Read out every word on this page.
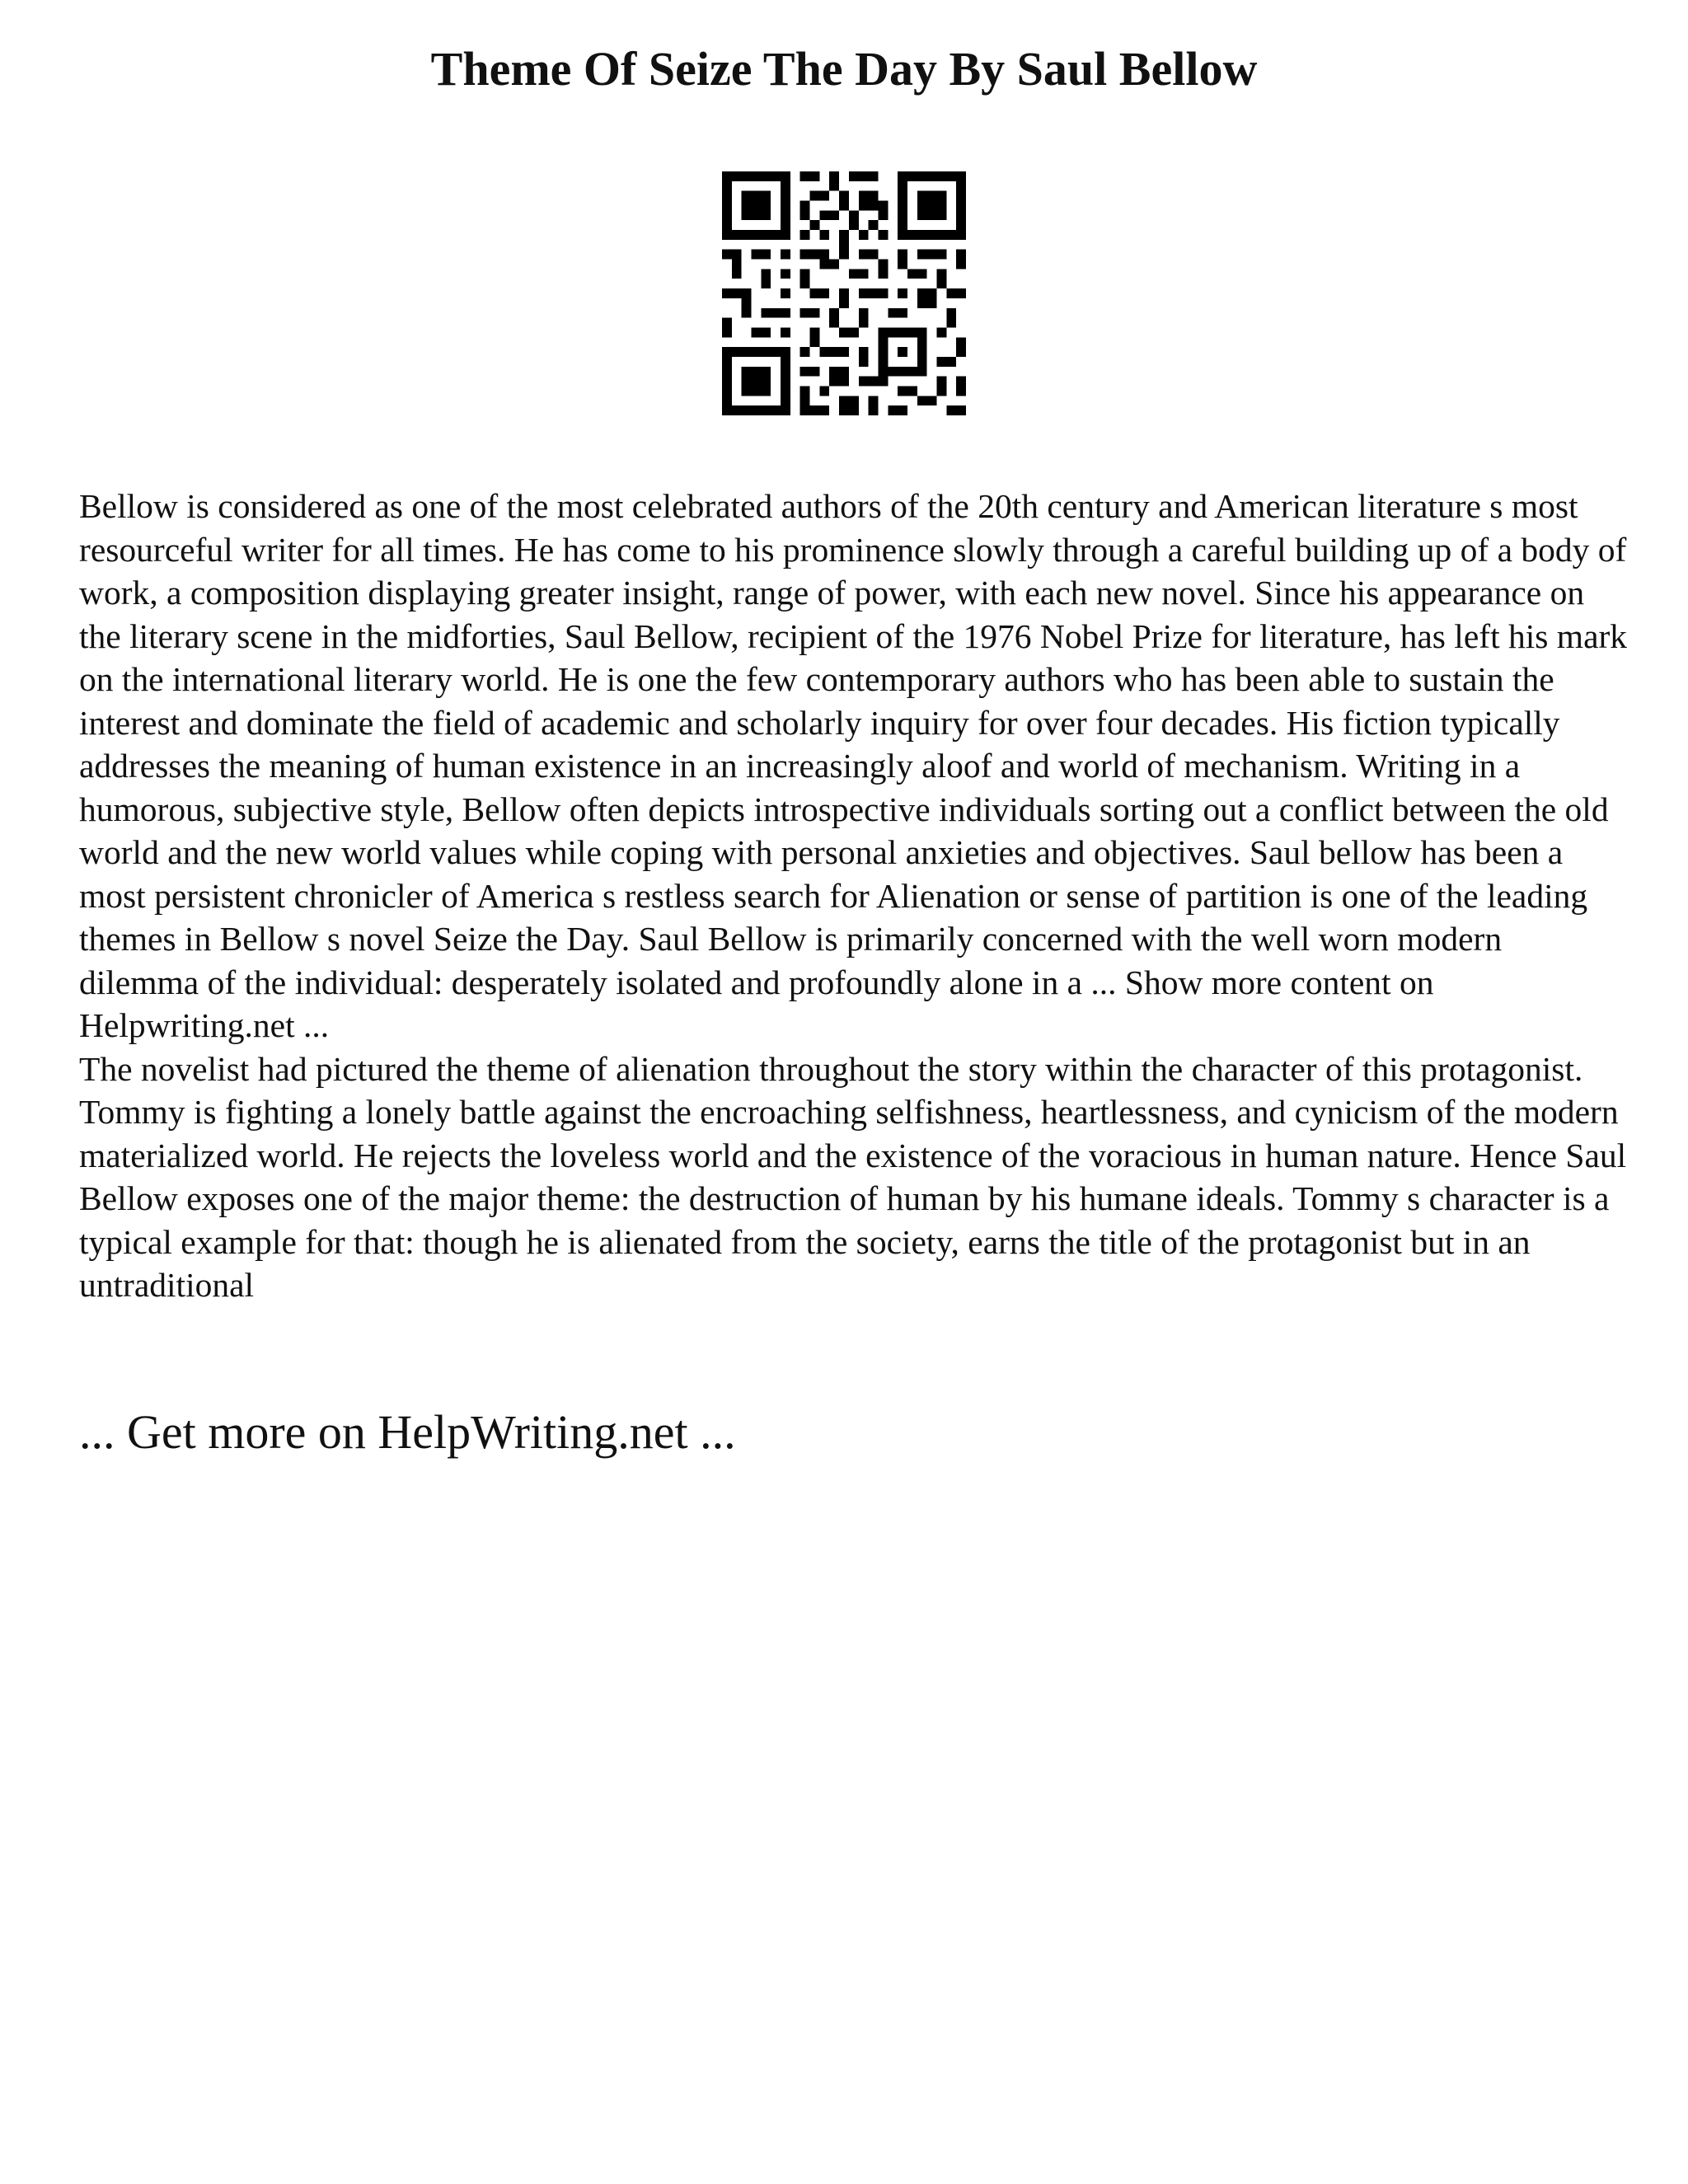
Theme Of Seize The Day By Saul Bellow

Bellow is considered as one of the most celebrated authors of the 20th century and American literature s most resourceful writer for all times. He has come to his prominence slowly through a careful building up of a body of work, a composition displaying greater insight, range of power, with each new novel. Since his appearance on the literary scene in the midforties, Saul Bellow, recipient of the 1976 Nobel Prize for literature, has left his mark on the international literary world. He is one the few contemporary authors who has been able to sustain the interest and dominate the field of academic and scholarly inquiry for over four decades. His fiction typically addresses the meaning of human existence in an increasingly aloof and world of mechanism. Writing in a humorous, subjective style, Bellow often depicts introspective individuals sorting out a conflict between the old world and the new world values while coping with personal anxieties and objectives. Saul bellow has been a most persistent chronicler of America s restless search for Alienation or sense of partition is one of the leading themes in Bellow s novel Seize the Day. Saul Bellow is primarily concerned with the well worn modern dilemma of the individual: desperately isolated and profoundly alone in a ... Show more content on Helpwriting.net ...

The novelist had pictured the theme of alienation throughout the story within the character of this protagonist. Tommy is fighting a lonely battle against the encroaching selfishness, heartlessness, and cynicism of the modern materialized world. He rejects the loveless world and the existence of the voracious in human nature. Hence Saul Bellow exposes one of the major theme: the destruction of human by his humane ideals. Tommy s character is a typical example for that: though he is alienated from the society, earns the title of the protagonist but in an untraditional

... Get more on HelpWriting.net ...
